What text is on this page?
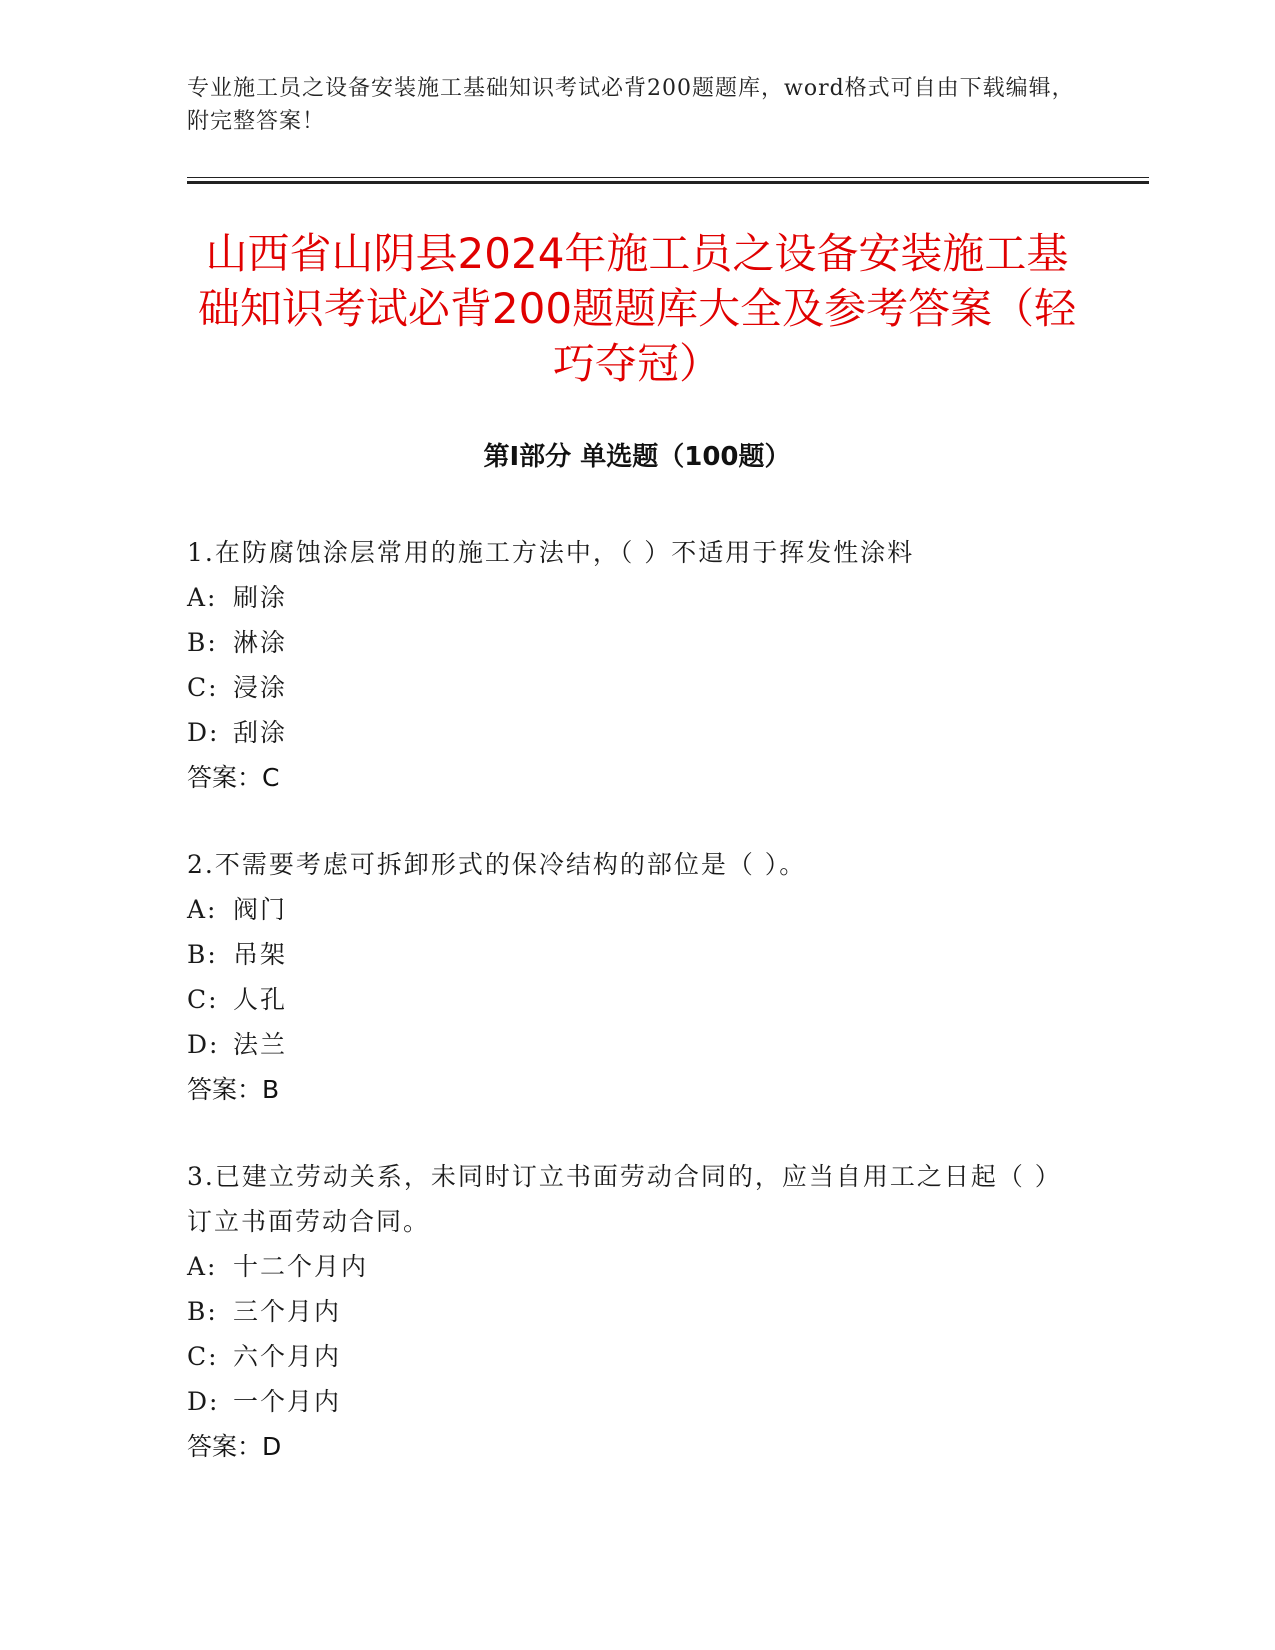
专业施工员之设备安装施工基础知识考试必背200题题库，word格式可自由下载编辑，附完整答案！
山西省山阴县2024年施工员之设备安装施工基础知识考试必背200题题库大全及参考答案（轻巧夺冠）
第Ⅰ部分 单选题（100题）
1.在防腐蚀涂层常用的施工方法中，（ ）不适用于挥发性涂料
A: 刷涂
B: 淋涂
C: 浸涂
D: 刮涂
答案：C
2.不需要考虑可拆卸形式的保冷结构的部位是（ ）。
A: 阀门
B: 吊架
C: 人孔
D: 法兰
答案：B
3.已建立劳动关系，未同时订立书面劳动合同的，应当自用工之日起（ ）订立书面劳动合同。
A: 十二个月内
B: 三个月内
C: 六个月内
D: 一个月内
答案：D
